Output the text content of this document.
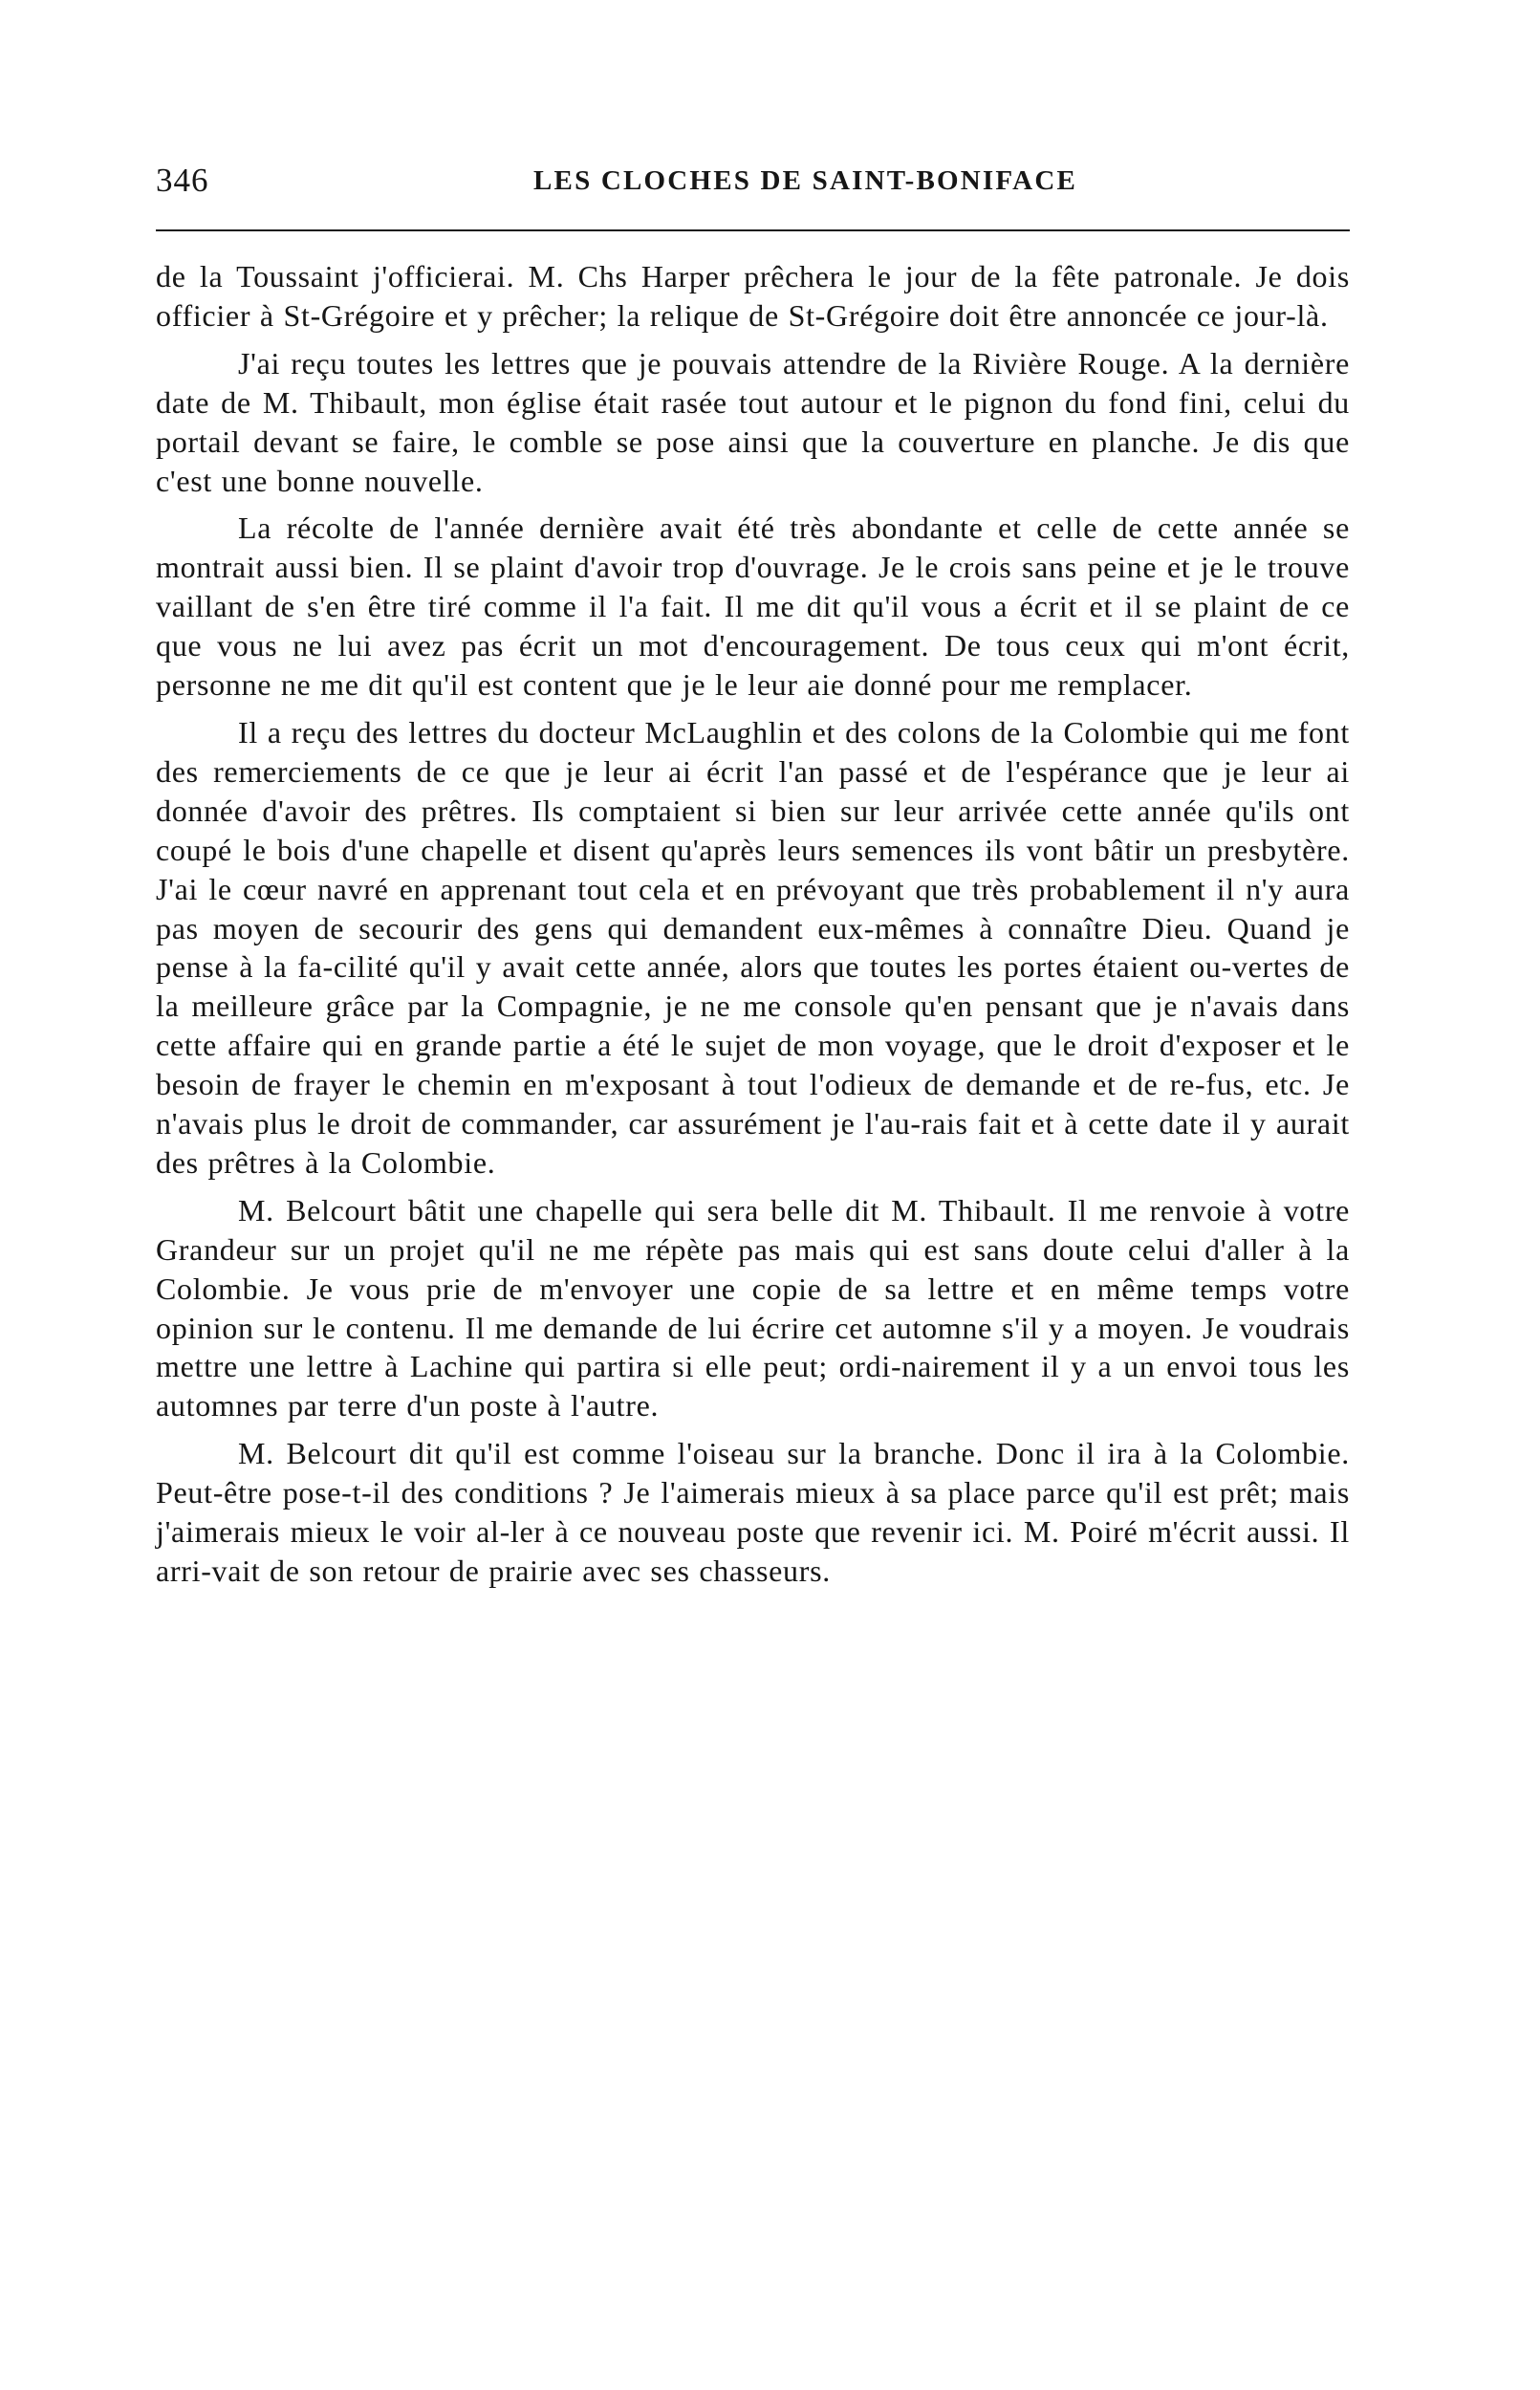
346	LES CLOCHES DE SAINT-BONIFACE

de la Toussaint j'officierai. M. Chs Harper prêchera le jour de la fête patronale. Je dois officier à St-Grégoire et y prêcher; la relique de St-Grégoire doit être annoncée ce jour-là.

J'ai reçu toutes les lettres que je pouvais attendre de la Rivière Rouge. A la dernière date de M. Thibault, mon église était rasée tout autour et le pignon du fond fini, celui du portail devant se faire, le comble se pose ainsi que la couverture en planche. Je dis que c'est une bonne nouvelle.

La récolte de l'année dernière avait été très abondante et celle de cette année se montrait aussi bien. Il se plaint d'avoir trop d'ouvrage. Je le crois sans peine et je le trouve vaillant de s'en être tiré comme il l'a fait. Il me dit qu'il vous a écrit et il se plaint de ce que vous ne lui avez pas écrit un mot d'encouragement. De tous ceux qui m'ont écrit, personne ne me dit qu'il est content que je le leur aie donné pour me remplacer.

Il a reçu des lettres du docteur McLaughlin et des colons de la Colombie qui me font des remerciements de ce que je leur ai écrit l'an passé et de l'espérance que je leur ai donnée d'avoir des prêtres. Ils comptaient si bien sur leur arrivée cette année qu'ils ont coupé le bois d'une chapelle et disent qu'après leurs semences ils vont bâtir un presbytère. J'ai le cœur navré en apprenant tout cela et en prévoyant que très probablement il n'y aura pas moyen de secourir des gens qui demandent eux-mêmes à connaître Dieu. Quand je pense à la fa-cilité qu'il y avait cette année, alors que toutes les portes étaient ou-vertes de la meilleure grâce par la Compagnie, je ne me console qu'en pensant que je n'avais dans cette affaire qui en grande partie a été le sujet de mon voyage, que le droit d'exposer et le besoin de frayer le chemin en m'exposant à tout l'odieux de demande et de re-fus, etc. Je n'avais plus le droit de commander, car assurément je l'au-rais fait et à cette date il y aurait des prêtres à la Colombie.

M. Belcourt bâtit une chapelle qui sera belle dit M. Thibault. Il me renvoie à votre Grandeur sur un projet qu'il ne me répète pas mais qui est sans doute celui d'aller à la Colombie. Je vous prie de m'envoyer une copie de sa lettre et en même temps votre opinion sur le contenu. Il me demande de lui écrire cet automne s'il y a moyen. Je voudrais mettre une lettre à Lachine qui partira si elle peut; ordi-nairement il y a un envoi tous les automnes par terre d'un poste à l'autre.

M. Belcourt dit qu'il est comme l'oiseau sur la branche. Donc il ira à la Colombie. Peut-être pose-t-il des conditions ? Je l'aimerais mieux à sa place parce qu'il est prêt; mais j'aimerais mieux le voir al-ler à ce nouveau poste que revenir ici. M. Poiré m'écrit aussi. Il arri-vait de son retour de prairie avec ses chasseurs.
